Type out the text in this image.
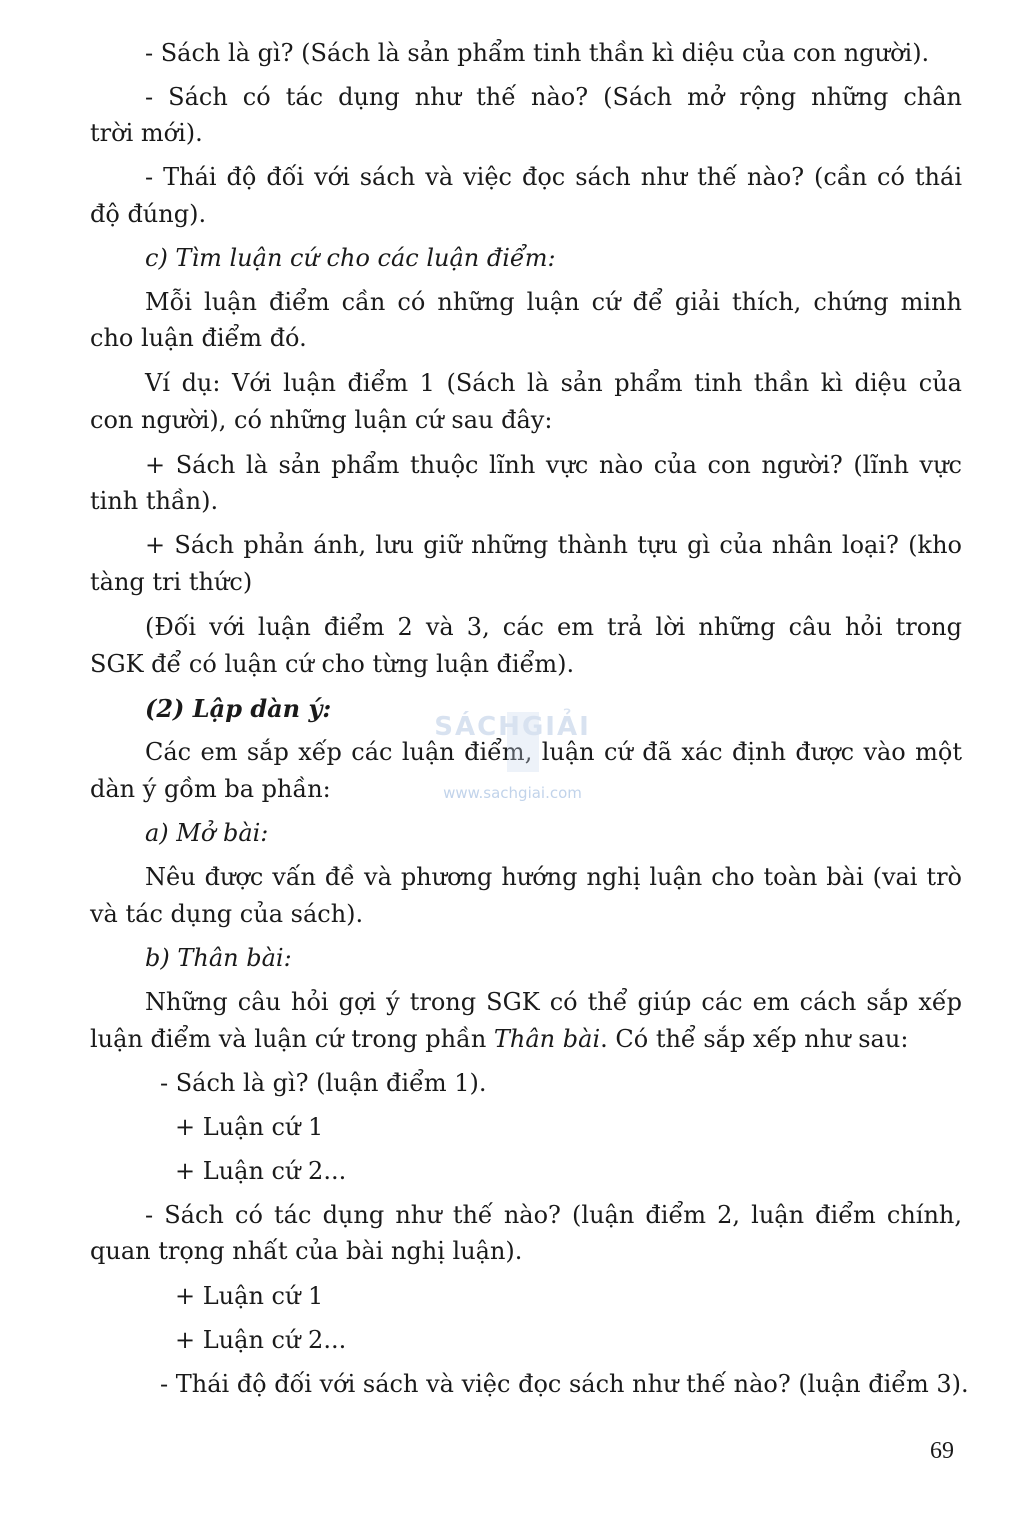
- Sách là gì? (Sách là sản phẩm tinh thần kì diệu của con người).

- Sách có tác dụng như thế nào? (Sách mở rộng những chân

trời mới).

- Thái độ đối với sách và việc đọc sách như thế nào? (cần có thái

độ đúng).

c) Tìm luận cứ cho các luận điểm:

Mỗi luận điểm cần có những luận cứ để giải thích, chứng minh

cho luận điểm đó.

Ví dụ: Với luận điểm 1 (Sách là sản phẩm tinh thần kì diệu của

con người), có những luận cứ sau đây:

+ Sách là sản phẩm thuộc lĩnh vực nào của con người? (lĩnh vực

tinh thần).

+ Sách phản ánh, lưu giữ những thành tựu gì của nhân loại? (kho

tàng tri thức)

(Đối với luận điểm 2 và 3, các em trả lời những câu hỏi trong

SGK để có luận cứ cho từng luận điểm).

(2) Lập dàn ý:

Các em sắp xếp các luận điểm, luận cứ đã xác định được vào một

dàn ý gồm ba phần:

a) Mở bài:

Nêu được vấn đề và phương hướng nghị luận cho toàn bài (vai trò

và tác dụng của sách).

b) Thân bài:

Những câu hỏi gợi ý trong SGK có thể giúp các em cách sắp xếp

luận điểm và luận cứ trong phần Thân bài. Có thể sắp xếp như sau:

- Sách là gì? (luận điểm 1).

+ Luận cứ 1

+ Luận cứ 2...

- Sách có tác dụng như thế nào? (luận điểm 2, luận điểm chính,

quan trọng nhất của bài nghị luận).

+ Luận cứ 1

+ Luận cứ 2...

- Thái độ đối với sách và việc đọc sách như thế nào? (luận điểm 3).

69
SÁCHGIẢI
www.sachgiai.com
